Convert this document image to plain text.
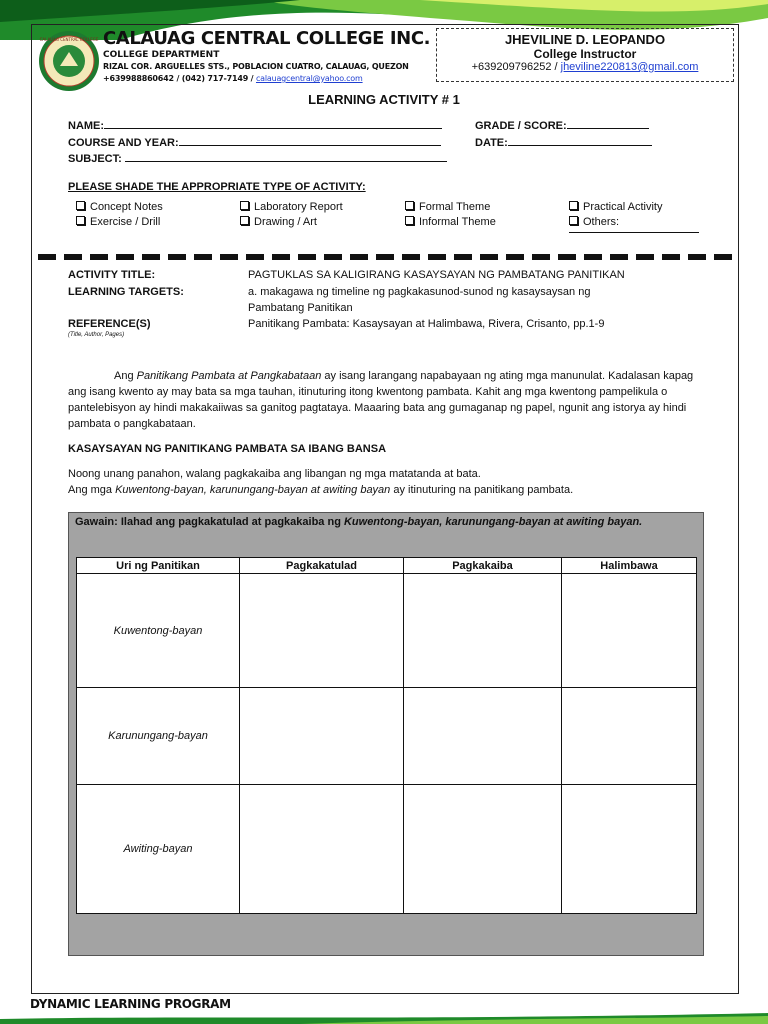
CALAUAG CENTRAL COLLEGE CALAUAG CENTRAL COLLEGE INC.
COLLEGE DEPARTMENT
RIZAL COR. ARGUELLES STS., POBLACION CUATRO, CALAUAG, QUEZON
+639988860642 / (042) 717-7149 / calauagcentral@yahoo.com
JHEVILINE D. LEOPANDO
College Instructor
+639209796252 / jheviline220813@gmail.com
LEARNING ACTIVITY # 1
NAME:
COURSE AND YEAR:
SUBJECT:
GRADE / SCORE:
DATE:
PLEASE SHADE THE APPROPRIATE TYPE OF ACTIVITY:
Concept Notes	Laboratory Report	Formal Theme	Practical Activity
Exercise / Drill	Drawing / Art	Informal Theme	Others:
ACTIVITY TITLE:	PAGTUKLAS SA KALIGIRANG KASAYSAYAN NG PAMBATANG PANITIKAN
LEARNING TARGETS:	a. makagawa ng timeline ng pagkakasunod-sunod ng kasaysaysan ng
Pambatang Panitikan
REFERENCE(S)
(Title, Author, Pages)
Panitikang Pambata: Kasaysayan at Halimbawa, Rivera, Crisanto, pp.1-9
Ang Panitikang Pambata at Pangkabataan ay isang larangang napabayaan ng ating mga manunulat. Kadalasan kapag ang isang kwento ay may bata sa mga tauhan, itinuturing itong kwentong pambata. Kahit ang mga kwentong pampelikula o pantelebisyon ay hindi makakaiiwas sa ganitog pagtataya. Maaaring bata ang gumaganap ng papel, ngunit ang istorya ay hindi pambata o pangkabataan.
KASAYSAYAN NG PANITIKANG PAMBATA SA IBANG BANSA
Noong unang panahon, walang pagkakaiba ang libangan ng mga matatanda at bata.
Ang mga Kuwentong-bayan, karunungang-bayan at awiting bayan ay itinuturing na panitikang pambata.
Gawain: Ilahad ang pagkakatulad at pagkakaiba ng Kuwentong-bayan, karunungang-bayan at awiting bayan.
Uri ng Panitikan	Pagkakatulad	Pagkakaiba	Halimbawa
Kuwentong-bayan			
Karunungang-bayan			
Awiting-bayan			
DYNAMIC LEARNING PROGRAM
